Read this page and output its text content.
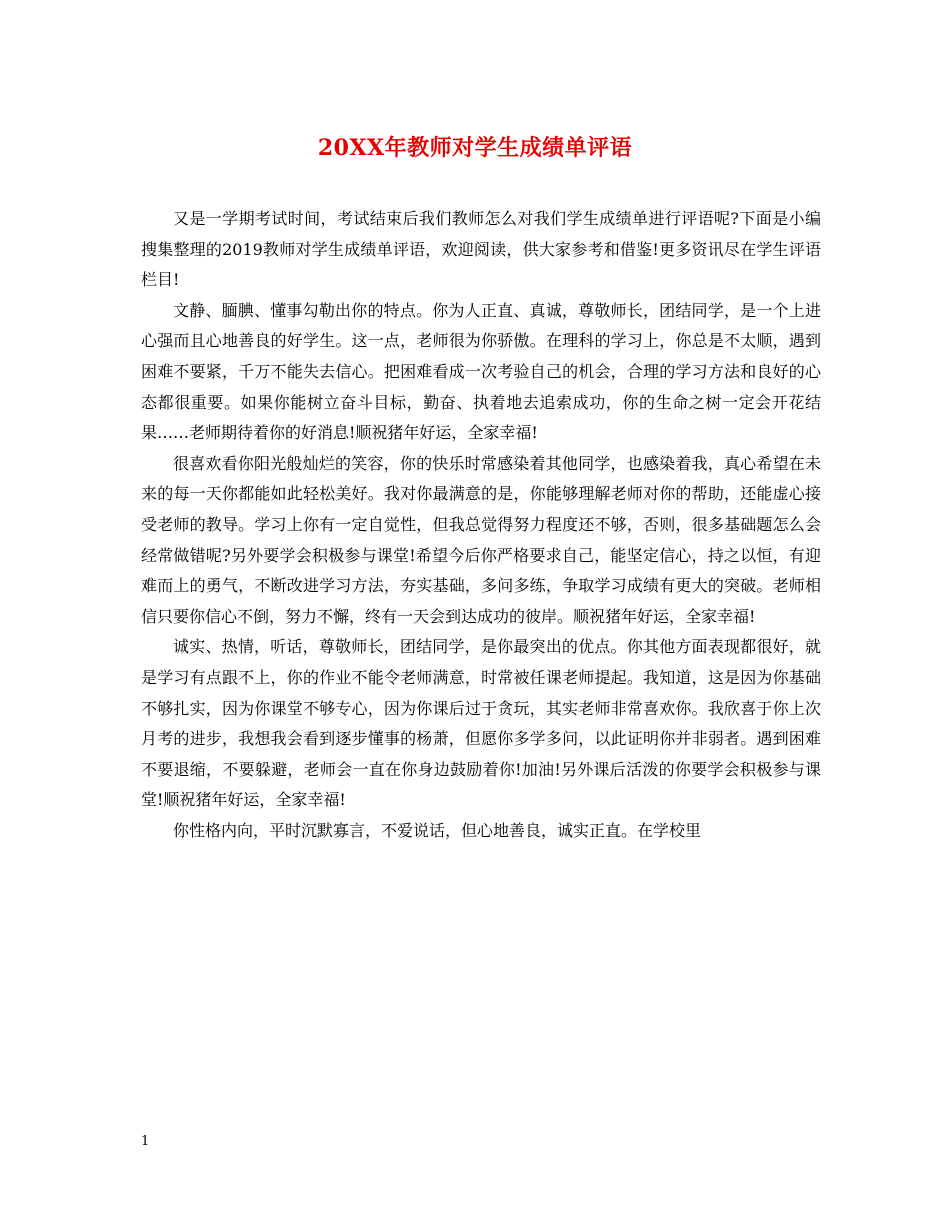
20XX年教师对学生成绩单评语

又是一学期考试时间，考试结束后我们教师怎么对我们学生成绩单进行评语呢?下面是小编搜集整理的2019教师对学生成绩单评语，欢迎阅读，供大家参考和借鉴!更多资讯尽在学生评语栏目!

文静、腼腆、懂事勾勒出你的特点。你为人正直、真诚，尊敬师长，团结同学，是一个上进心强而且心地善良的好学生。这一点，老师很为你骄傲。在理科的学习上，你总是不太顺，遇到困难不要紧，千万不能失去信心。把困难看成一次考验自己的机会，合理的学习方法和良好的心态都很重要。如果你能树立奋斗目标，勤奋、执着地去追索成功，你的生命之树一定会开花结果……老师期待着你的好消息!顺祝猪年好运，全家幸福!

很喜欢看你阳光般灿烂的笑容，你的快乐时常感染着其他同学，也感染着我，真心希望在未来的每一天你都能如此轻松美好。我对你最满意的是，你能够理解老师对你的帮助，还能虚心接受老师的教导。学习上你有一定自觉性，但我总觉得努力程度还不够，否则，很多基础题怎么会经常做错呢?另外要学会积极参与课堂!希望今后你严格要求自己，能坚定信心，持之以恒，有迎难而上的勇气，不断改进学习方法，夯实基础，多问多练，争取学习成绩有更大的突破。老师相信只要你信心不倒，努力不懈，终有一天会到达成功的彼岸。顺祝猪年好运，全家幸福!

诚实、热情，听话，尊敬师长，团结同学，是你最突出的优点。你其他方面表现都很好，就是学习有点跟不上，你的作业不能令老师满意，时常被任课老师提起。我知道，这是因为你基础不够扎实，因为你课堂不够专心，因为你课后过于贪玩，其实老师非常喜欢你。我欣喜于你上次月考的进步，我想我会看到逐步懂事的杨萧，但愿你多学多问，以此证明你并非弱者。遇到困难不要退缩，不要躲避，老师会一直在你身边鼓励着你!加油!另外课后活泼的你要学会积极参与课堂!顺祝猪年好运，全家幸福!

你性格内向，平时沉默寡言，不爱说话，但心地善良，诚实正直。在学校里

1
